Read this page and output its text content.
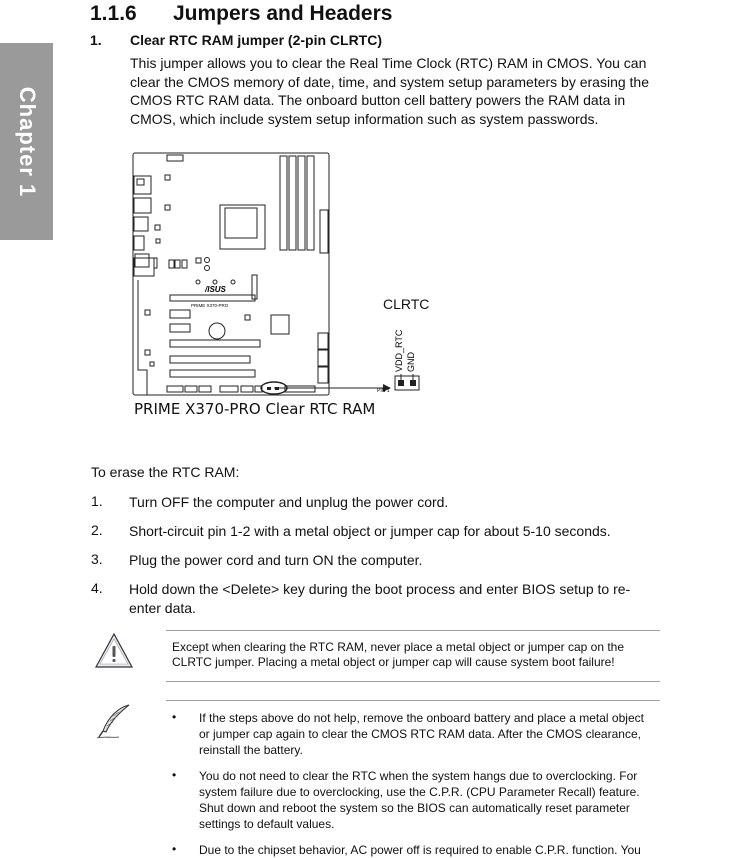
Chapter 1
1.1.6 Jumpers and Headers
1. Clear RTC RAM jumper (2-pin CLRTC)
This jumper allows you to clear the Real Time Clock (RTC) RAM in CMOS. You can clear the CMOS memory of date, time, and system setup parameters by erasing the CMOS RTC RAM data. The onboard button cell battery powers the RAM data in CMOS, which include system setup information such as system passwords.
/ISUS
PRIME X370-PRO
VDD_RTC GND
PIN 1
CLRTC
PRIME X370-PRO Clear RTC RAM
To erase the RTC RAM:
1. Turn OFF the computer and unplug the power cord.
2. Short-circuit pin 1-2 with a metal object or jumper cap for about 5-10 seconds.
3. Plug the power cord and turn ON the computer.
4. Hold down the <Delete> key during the boot process and enter BIOS setup to re-enter data.
Except when clearing the RTC RAM, never place a metal object or jumper cap on the CLRTC jumper. Placing a metal object or jumper cap will cause system boot failure!
• If the steps above do not help, remove the onboard battery and place a metal object or jumper cap again to clear the CMOS RTC RAM data. After the CMOS clearance, reinstall the battery.
• You do not need to clear the RTC when the system hangs due to overclocking. For system failure due to overclocking, use the C.P.R. (CPU Parameter Recall) feature. Shut down and reboot the system so the BIOS can automatically reset parameter settings to default values.
• Due to the chipset behavior, AC power off is required to enable C.P.R. function. You
